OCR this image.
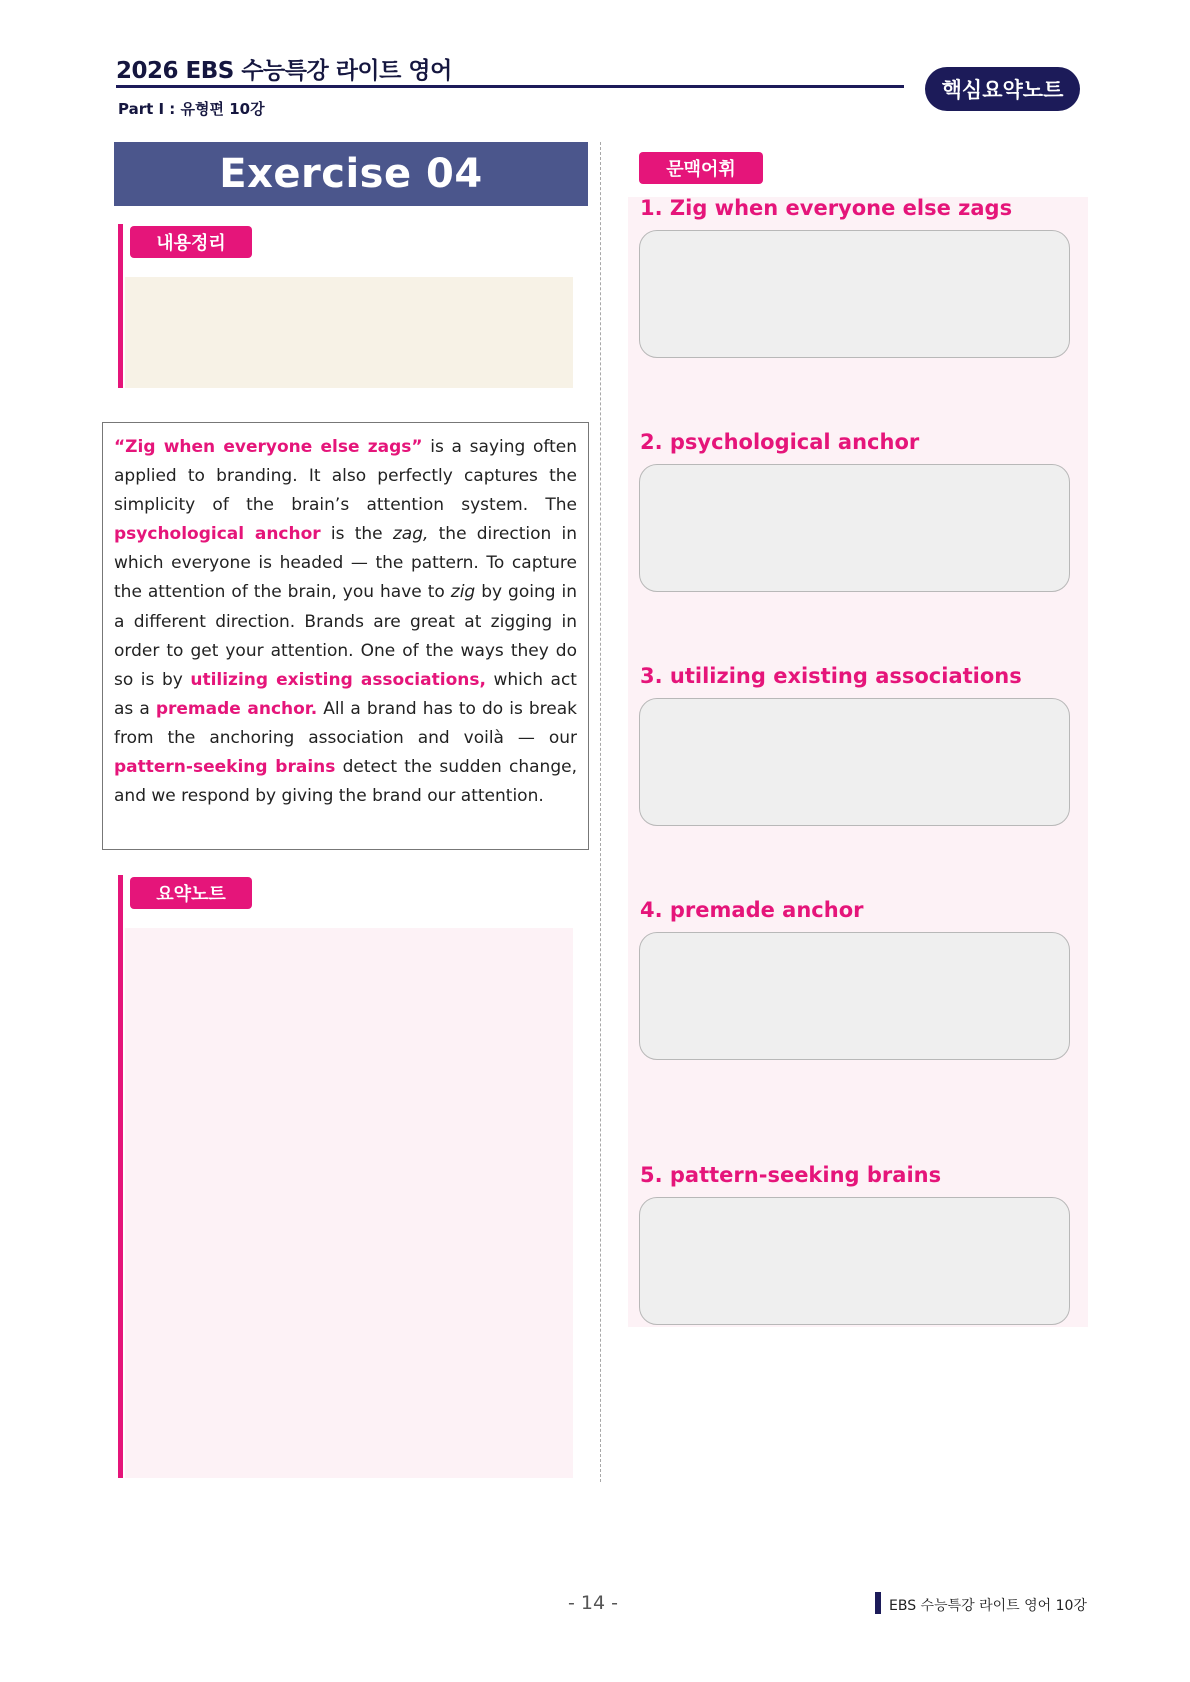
2026 EBS 수능특강 라이트 영어
Part Ⅰ : 유형편 10강
핵심요약노트
Exercise 04
내용정리
“Zig when everyone else zags” is a saying often applied to branding. It also perfectly captures the simplicity of the brain’s attention system. The psychological anchor is the zag, the direction in which everyone is headed — the pattern. To capture the attention of the brain, you have to zig by going in a different direction. Brands are great at zigging in order to get your attention. One of the ways they do so is by utilizing existing associations, which act as a premade anchor. All a brand has to do is break from the anchoring association and voilà — our pattern-seeking brains detect the sudden change, and we respond by giving the brand our attention.
요약노트
문맥어휘
1. Zig when everyone else zags
2. psychological anchor
3. utilizing existing associations
4. premade anchor
5. pattern-seeking brains
- 14 -	EBS 수능특강 라이트 영어 10강
